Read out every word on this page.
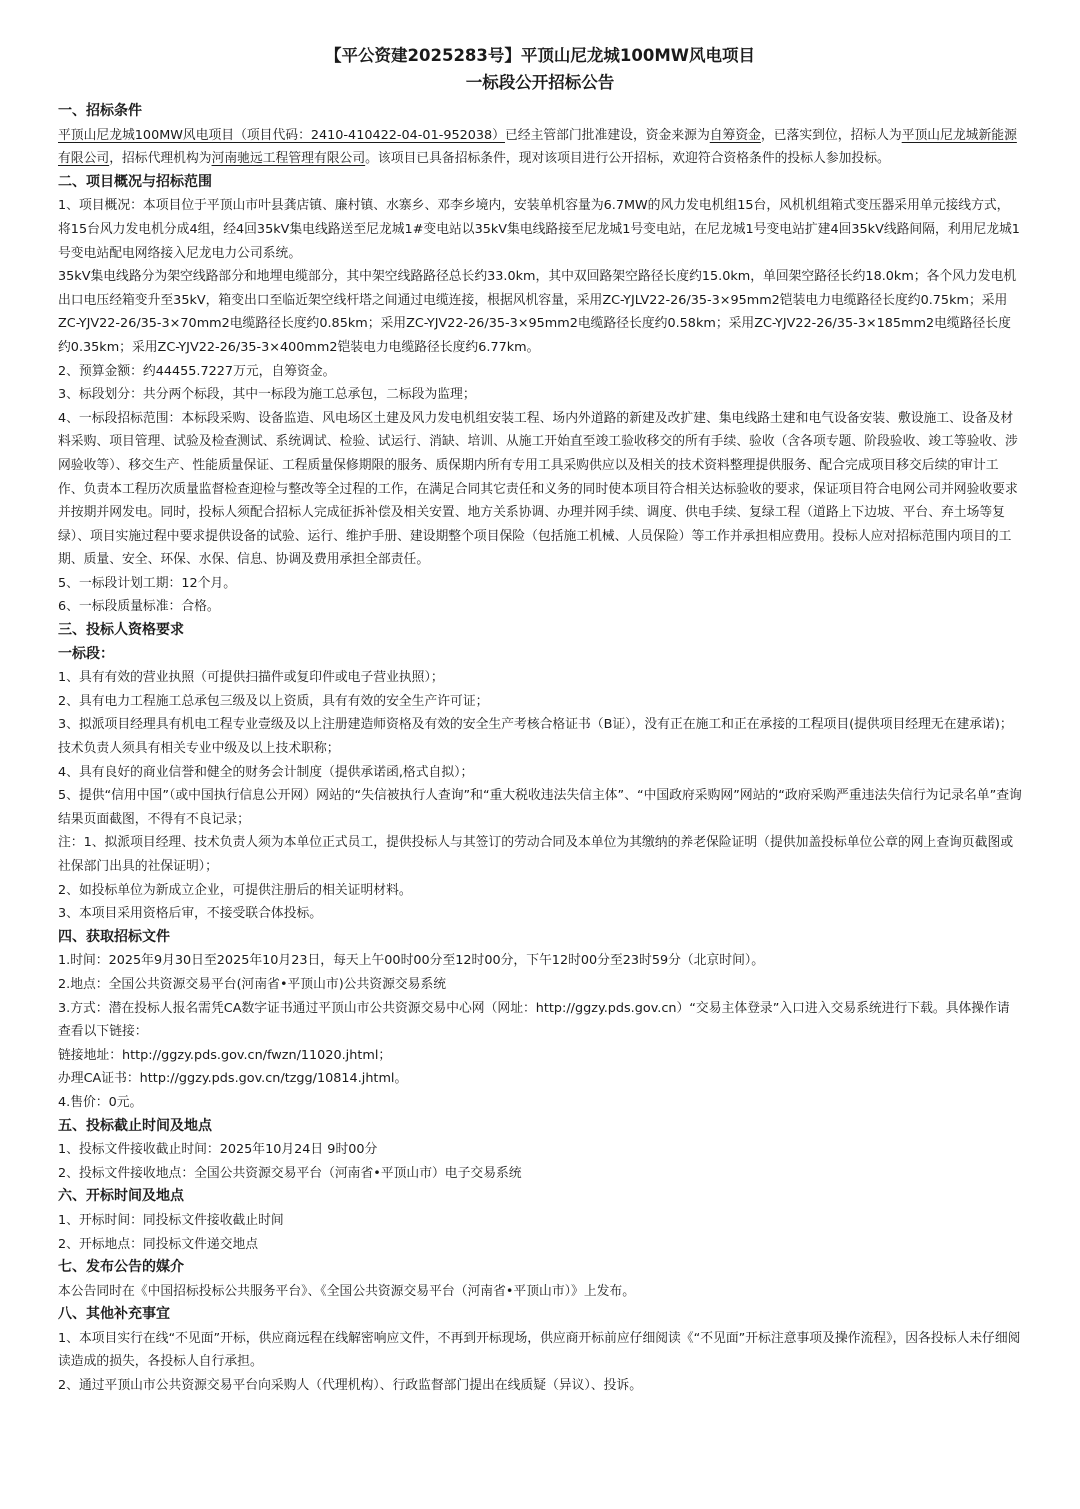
【平公资建2025283号】平顶山尼龙城100MW风电项目
一标段公开招标公告
一、招标条件
平顶山尼龙城100MW风电项目（项目代码：2410-410422-04-01-952038）已经主管部门批准建设，资金来源为自筹资金，已落实到位，招标人为平顶山尼龙城新能源有限公司，招标代理机构为河南驰远工程管理有限公司。该项目已具备招标条件，现对该项目进行公开招标，欢迎符合资格条件的投标人参加投标。
二、项目概况与招标范围
1、项目概况：本项目位于平顶山市叶县龚店镇、廉村镇、水寨乡、邓李乡境内，安装单机容量为6.7MW的风力发电机组15台，风机机组箱式变压器采用单元接线方式，将15台风力发电机分成4组，经4回35kV集电线路送至尼龙城1#变电站以35kV集电线路接至尼龙城1号变电站，在尼龙城1号变电站扩建4回35kV线路间隔，利用尼龙城1号变电站配电网络接入尼龙电力公司系统。
35kV集电线路分为架空线路部分和地埋电缆部分，其中架空线路路径总长约33.0km，其中双回路架空路径长度约15.0km，单回架空路径长约18.0km；各个风力发电机出口电压经箱变升至35kV，箱变出口至临近架空线杆塔之间通过电缆连接，根据风机容量，采用ZC-YJLV22-26/35-3×95mm2铠装电力电缆路径长度约0.75km；采用ZC-YJV22-26/35-3×70mm2电缆路径长度约0.85km；采用ZC-YJV22-26/35-3×95mm2电缆路径长度约0.58km；采用ZC-YJV22-26/35-3×185mm2电缆路径长度约0.35km；采用ZC-YJV22-26/35-3×400mm2铠装电力电缆路径长度约6.77km。
2、预算金额：约44455.7227万元，自筹资金。
3、标段划分：共分两个标段，其中一标段为施工总承包，二标段为监理；
4、一标段招标范围：本标段采购、设备监造、风电场区土建及风力发电机组安装工程、场内外道路的新建及改扩建、集电线路土建和电气设备安装、敷设施工、设备及材料采购、项目管理、试验及检查测试、系统调试、检验、试运行、消缺、培训、从施工开始直至竣工验收移交的所有手续、验收（含各项专题、阶段验收、竣工等验收、涉网验收等）、移交生产、性能质量保证、工程质量保修期限的服务、质保期内所有专用工具采购供应以及相关的技术资料整理提供服务、配合完成项目移交后续的审计工作、负责本工程历次质量监督检查迎检与整改等全过程的工作，在满足合同其它责任和义务的同时使本项目符合相关达标验收的要求，保证项目符合电网公司并网验收要求并按期并网发电。同时，投标人须配合招标人完成征拆补偿及相关安置、地方关系协调、办理并网手续、调度、供电手续、复绿工程（道路上下边坡、平台、弃土场等复绿）、项目实施过程中要求提供设备的试验、运行、维护手册、建设期整个项目保险（包括施工机械、人员保险）等工作并承担相应费用。投标人应对招标范围内项目的工期、质量、安全、环保、水保、信息、协调及费用承担全部责任。
5、一标段计划工期：12个月。
6、一标段质量标准：合格。
三、投标人资格要求
一标段：
1、具有有效的营业执照（可提供扫描件或复印件或电子营业执照）；
2、具有电力工程施工总承包三级及以上资质，具有有效的安全生产许可证；
3、拟派项目经理具有机电工程专业壹级及以上注册建造师资格及有效的安全生产考核合格证书（B证），没有正在施工和正在承接的工程项目(提供项目经理无在建承诺)；技术负责人须具有相关专业中级及以上技术职称；
4、具有良好的商业信誉和健全的财务会计制度（提供承诺函,格式自拟）；
5、提供“信用中国”（或中国执行信息公开网）网站的“失信被执行人查询”和“重大税收违法失信主体”、“中国政府采购网”网站的“政府采购严重违法失信行为记录名单”查询结果页面截图，不得有不良记录；
注：1、拟派项目经理、技术负责人须为本单位正式员工，提供投标人与其签订的劳动合同及本单位为其缴纳的养老保险证明（提供加盖投标单位公章的网上查询页截图或社保部门出具的社保证明）；
2、如投标单位为新成立企业，可提供注册后的相关证明材料。
3、本项目采用资格后审，不接受联合体投标。
四、获取招标文件
1.时间：2025年9月30日至2025年10月23日，每天上午00时00分至12时00分，下午12时00分至23时59分（北京时间）。
2.地点：全国公共资源交易平台(河南省•平顶山市)公共资源交易系统
3.方式：潜在投标人报名需凭CA数字证书通过平顶山市公共资源交易中心网（网址：http://ggzy.pds.gov.cn）“交易主体登录”入口进入交易系统进行下载。具体操作请查看以下链接：
链接地址：http://ggzy.pds.gov.cn/fwzn/11020.jhtml；
办理CA证书：http://ggzy.pds.gov.cn/tzgg/10814.jhtml。
4.售价：0元。
五、投标截止时间及地点
1、投标文件接收截止时间：2025年10月24日 9时00分
2、投标文件接收地点：全国公共资源交易平台（河南省•平顶山市）电子交易系统
六、开标时间及地点
1、开标时间：同投标文件接收截止时间
2、开标地点：同投标文件递交地点
七、发布公告的媒介
本公告同时在《中国招标投标公共服务平台》、《全国公共资源交易平台（河南省•平顶山市）》上发布。
八、其他补充事宜
1、本项目实行在线“不见面”开标，供应商远程在线解密响应文件，不再到开标现场，供应商开标前应仔细阅读《“不见面”开标注意事项及操作流程》，因各投标人未仔细阅读造成的损失，各投标人自行承担。
2、通过平顶山市公共资源交易平台向采购人（代理机构）、行政监督部门提出在线质疑（异议）、投诉。
